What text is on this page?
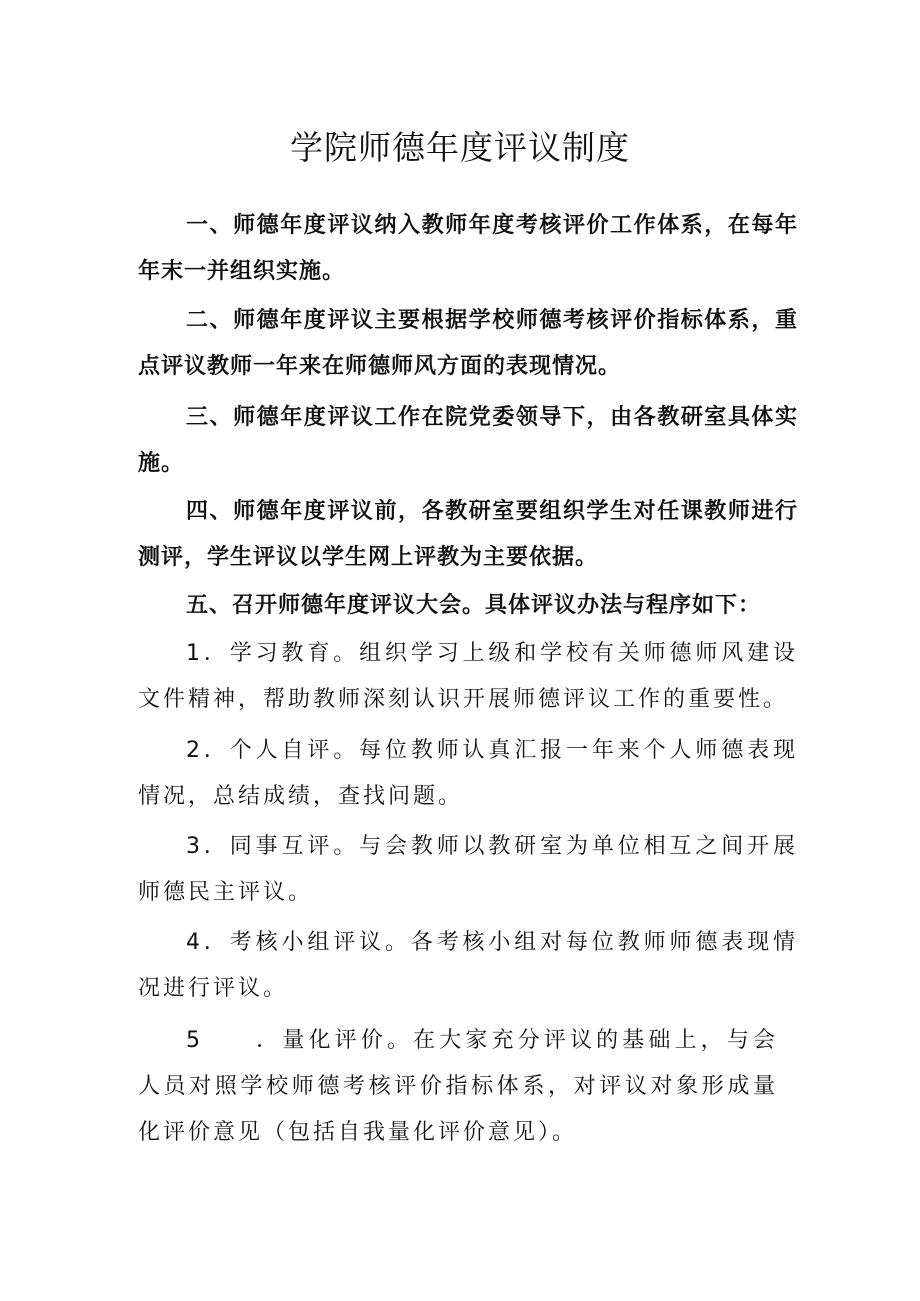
学院师德年度评议制度

一、师德年度评议纳入教师年度考核评价工作体系，在每年年末一并组织实施。

二、师德年度评议主要根据学校师德考核评价指标体系，重点评议教师一年来在师德师风方面的表现情况。

三、师德年度评议工作在院党委领导下，由各教研室具体实施。

四、师德年度评议前，各教研室要组织学生对任课教师进行测评，学生评议以学生网上评教为主要依据。

五、召开师德年度评议大会。具体评议办法与程序如下：

1．学习教育。组织学习上级和学校有关师德师风建设文件精神，帮助教师深刻认识开展师德评议工作的重要性。

2．个人自评。每位教师认真汇报一年来个人师德表现情况，总结成绩，查找问题。

3．同事互评。与会教师以教研室为单位相互之间开展师德民主评议。

4．考核小组评议。各考核小组对每位教师师德表现情况进行评议。

5 ．量化评价。在大家充分评议的基础上，与会人员对照学校师德考核评价指标体系，对评议对象形成量化评价意见（包括自我量化评价意见）。
